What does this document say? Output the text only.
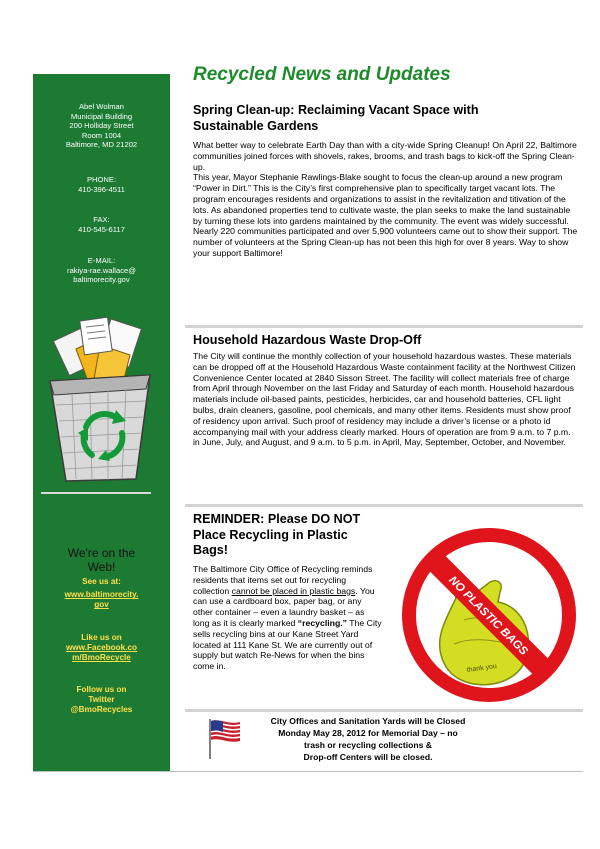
Abel Wolman
Municipal Building
200 Holliday Street
Room 1004
Baltimore, MD 21202
PHONE:
410-396-4511
FAX:
410-545-6117
E-MAIL:
rakiya-rae.wallace@
baltimorecity.gov
We're on the
Web!
See us at:
www.baltimorecity.
gov
Like us on
www.Facebook.co
m/BmoRecycle
Follow us on
Twitter
@BmoRecycles
Recycled News and Updates
Spring Clean-up: Reclaiming Vacant Space with
Sustainable Gardens

What better way to celebrate Earth Day than with a city-wide Spring Cleanup! On April 22, Baltimore communities joined forces with shovels, rakes, brooms, and trash bags to kick-off the Spring Clean-up.

This year, Mayor Stephanie Rawlings-Blake sought to focus the clean-up around a new program “Power in Dirt.” This is the City’s first comprehensive plan to specifically target vacant lots. The program encourages residents and organizations to assist in the revitalization and titivation of the lots. As abandoned properties tend to cultivate waste, the plan seeks to make the land sustainable by turning these lots into gardens maintained by the community. The event was widely successful. Nearly 220 communities participated and over 5,900 volunteers came out to show their support. The number of volunteers at the Spring Clean-up has not been this high for over 8 years. Way to show your support Baltimore!

Household Hazardous Waste Drop-Off

The City will continue the monthly collection of your household hazardous wastes. These materials can be dropped off at the Household Hazardous Waste containment facility at the Northwest Citizen Convenience Center located at 2840 Sisson Street. The facility will collect materials free of charge from April through November on the last Friday and Saturday of each month. Household hazardous materials include oil-based paints, pesticides, herbicides, car and household batteries, CFL light bulbs, drain cleaners, gasoline, pool chemicals, and many other items. Residents must show proof of residency upon arrival. Such proof of residency may include a driver’s license or a photo id accompanying mail with your address clearly marked. Hours of operation are from 9 a.m. to 7 p.m. in June, July, and August, and 9 a.m. to 5 p.m. in April, May, September, October, and November.

REMINDER: Please DO NOT
Place Recycling in Plastic
Bags!

The Baltimore City Office of Recycling reminds residents that items set out for recycling collection cannot be placed in plastic bags. You can use a cardboard box, paper bag, or any other container – even a laundry basket – as long as it is clearly marked “recycling.” The City sells recycling bins at our Kane Street Yard located at 111 Kane St. We are currently out of supply but watch Re-News for when the bins come in.	thank you
NO PLASTIC BAGS
City Offices and Sanitation Yards will be Closed
Monday May 28, 2012 for Memorial Day – no
trash or recycling collections &
Drop-off Centers will be closed.
